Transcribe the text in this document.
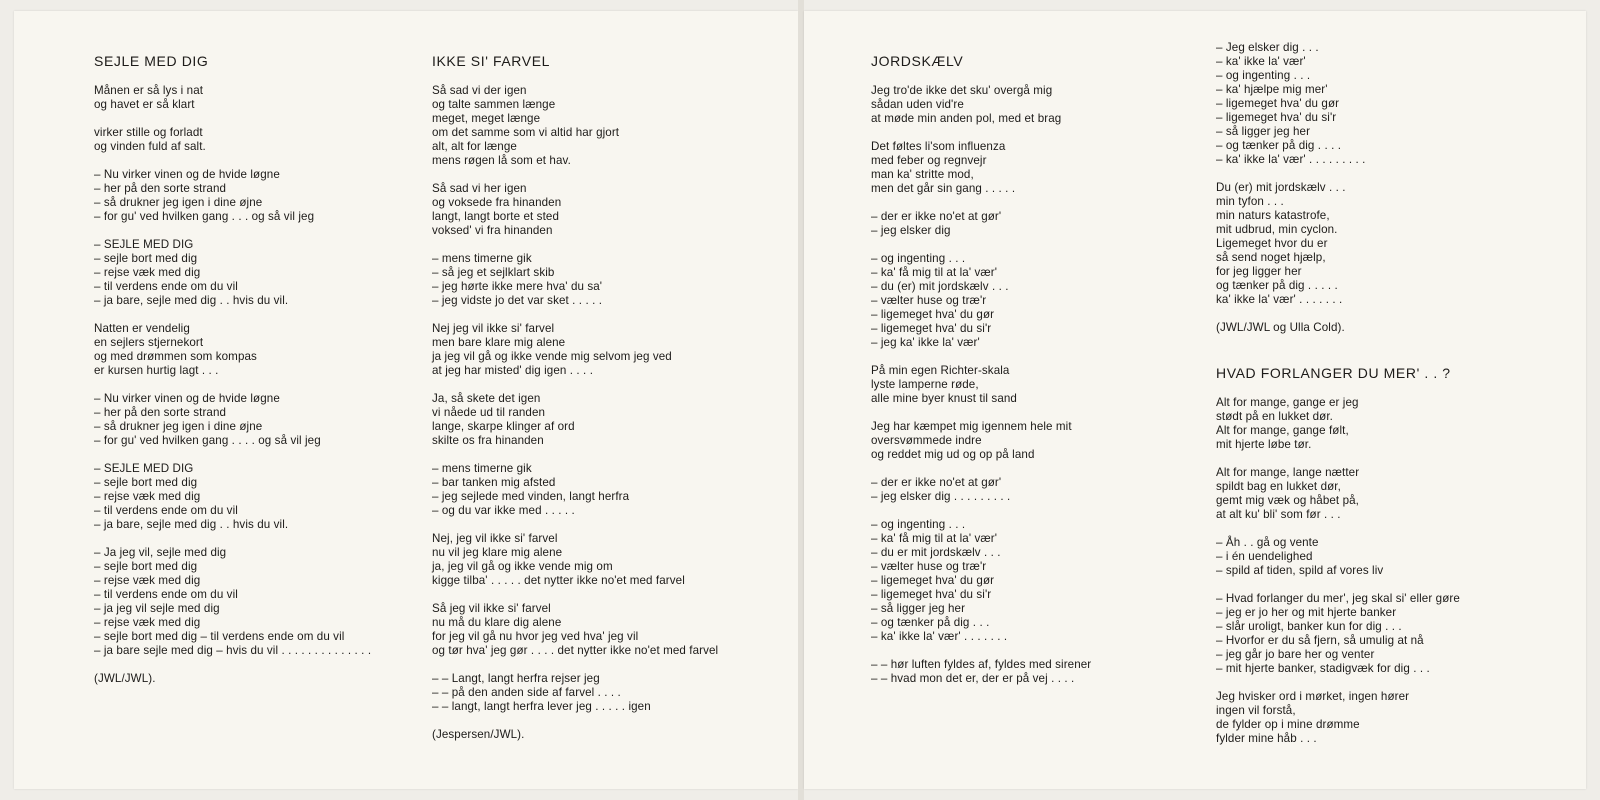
SEJLE MED DIG
Månen er så lys i nat
og havet er så klart
virker stille og forladt
og vinden fuld af salt.
– Nu virker vinen og de hvide løgne
– her på den sorte strand
– så drukner jeg igen i dine øjne
– for gu' ved hvilken gang . . . og så vil jeg
– SEJLE MED DIG
– sejle bort med dig
– rejse væk med dig
– til verdens ende om du vil
– ja bare, sejle med dig . . hvis du vil.
Natten er vendelig
en sejlers stjernekort
og med drømmen som kompas
er kursen hurtig lagt . . .
– Nu virker vinen og de hvide løgne
– her på den sorte strand
– så drukner jeg igen i dine øjne
– for gu' ved hvilken gang . . . . og så vil jeg
– SEJLE MED DIG
– sejle bort med dig
– rejse væk med dig
– til verdens ende om du vil
– ja bare, sejle med dig . . hvis du vil.
– Ja jeg vil, sejle med dig
– sejle bort med dig
– rejse væk med dig
– til verdens ende om du vil
– ja jeg vil sejle med dig
– rejse væk med dig
– sejle bort med dig – til verdens ende om du vil
– ja bare sejle med dig – hvis du vil . . . . . . . . . . . . . .
(JWL/JWL).
IKKE SI' FARVEL
Så sad vi der igen
og talte sammen længe
meget, meget længe
om det samme som vi altid har gjort
alt, alt for længe
mens røgen lå som et hav.
Så sad vi her igen
og voksede fra hinanden
langt, langt borte et sted
voksed' vi fra hinanden
– mens timerne gik
– så jeg et sejlklart skib
– jeg hørte ikke mere hva' du sa'
– jeg vidste jo det var sket . . . . .
Nej jeg vil ikke si' farvel
men bare klare mig alene
ja jeg vil gå og ikke vende mig selvom jeg ved
at jeg har misted' dig igen . . . .
Ja, så skete det igen
vi nåede ud til randen
lange, skarpe klinger af ord
skilte os fra hinanden
– mens timerne gik
– bar tanken mig afsted
– jeg sejlede med vinden, langt herfra
– og du var ikke med . . . . .
Nej, jeg vil ikke si' farvel
nu vil jeg klare mig alene
ja, jeg vil gå og ikke vende mig om
kigge tilba' . . . . . det nytter ikke no'et med farvel
Så jeg vil ikke si' farvel
nu må du klare dig alene
for jeg vil gå nu hvor jeg ved hva' jeg vil
og tør hva' jeg gør . . . . det nytter ikke no'et med farvel
– – Langt, langt herfra rejser jeg
– – på den anden side af farvel . . . .
– – langt, langt herfra lever jeg . . . . . igen
(Jespersen/JWL).
JORDSKÆLV
Jeg tro'de ikke det sku' overgå mig
sådan uden vid're
at møde min anden pol, med et brag
Det føltes li'som influenza
med feber og regnvejr
man ka' stritte mod,
men det går sin gang . . . . .
– der er ikke no'et at gør'
– jeg elsker dig
– og ingenting . . .
– ka' få mig til at la' vær'
– du (er) mit jordskælv . . .
– vælter huse og træ'r
– ligemeget hva' du gør
– ligemeget hva' du si'r
– jeg ka' ikke la' vær'
På min egen Richter-skala
lyste lamperne røde,
alle mine byer knust til sand
Jeg har kæmpet mig igennem hele mit
oversvømmede indre
og reddet mig ud og op på land
– der er ikke no'et at gør'
– jeg elsker dig . . . . . . . . .
– og ingenting . . .
– ka' få mig til at la' vær'
– du er mit jordskælv . . .
– vælter huse og træ'r
– ligemeget hva' du gør
– ligemeget hva' du si'r
– så ligger jeg her
– og tænker på dig . . .
– ka' ikke la' vær' . . . . . . .
– – hør luften fyldes af, fyldes med sirener
– – hvad mon det er, der er på vej . . . .
– Jeg elsker dig . . .
– ka' ikke la' vær'
– og ingenting . . .
– ka' hjælpe mig mer'
– ligemeget hva' du gør
– ligemeget hva' du si'r
– så ligger jeg her
– og tænker på dig . . . .
– ka' ikke la' vær' . . . . . . . . .
Du (er) mit jordskælv . . .
min tyfon . . .
min naturs katastrofe,
mit udbrud, min cyclon.
Ligemeget hvor du er
så send noget hjælp,
for jeg ligger her
og tænker på dig . . . . .
ka' ikke la' vær' . . . . . . .
(JWL/JWL og Ulla Cold).
HVAD FORLANGER DU MER' . . ?
Alt for mange, gange er jeg
stødt på en lukket dør.
Alt for mange, gange følt,
mit hjerte løbe tør.
Alt for mange, lange nætter
spildt bag en lukket dør,
gemt mig væk og håbet på,
at alt ku' bli' som før . . .
– Åh . . gå og vente
– i én uendelighed
– spild af tiden, spild af vores liv
– Hvad forlanger du mer', jeg skal si' eller gøre
– jeg er jo her og mit hjerte banker
– slår uroligt, banker kun for dig . . .
– Hvorfor er du så fjern, så umulig at nå
– jeg går jo bare her og venter
– mit hjerte banker, stadigvæk for dig . . .
Jeg hvisker ord i mørket, ingen hører
ingen vil forstå,
de fylder op i mine drømme
fylder mine håb . . .
